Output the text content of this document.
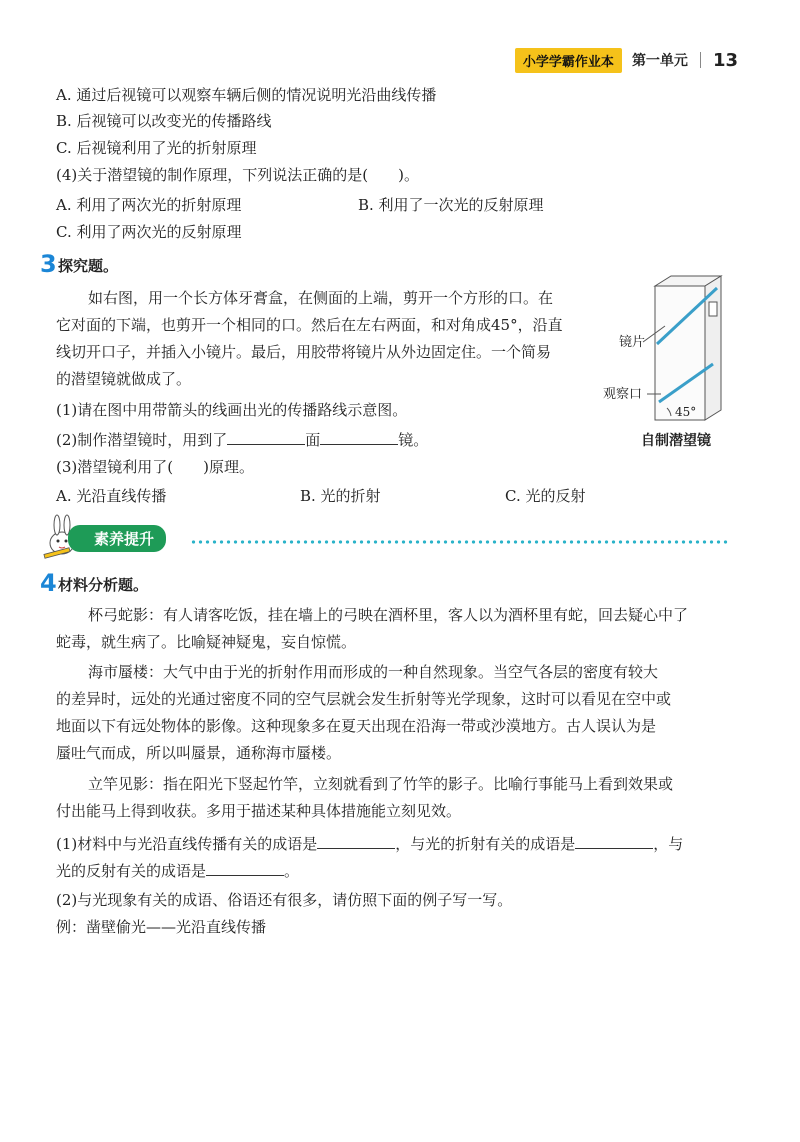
小学学霸作业本	第一单元 13
A. 通过后视镜可以观察车辆后侧的情况说明光沿曲线传播
B. 后视镜可以改变光的传播路线
C. 后视镜利用了光的折射原理
(4)关于潜望镜的制作原理，下列说法正确的是(　　)。
A. 利用了两次光的折射原理	B. 利用了一次光的反射原理
C. 利用了两次光的反射原理
3 探究题。
如右图，用一个长方体牙膏盒，在侧面的上端，剪开一个方形的口。在
它对面的下端，也剪开一个相同的口。然后在左右两面，和对角成45°，沿直
线切开口子，并插入小镜片。最后，用胶带将镜片从外边固定住。一个简易
的潜望镜就做成了。
(1)请在图中用带箭头的线画出光的传播路线示意图。
(2)制作潜望镜时，用到了	面	镜。
(3)潜望镜利用了(　　)原理。
A. 光沿直线传播	B. 光的折射	C. 光的反射
45°
镜片
观察口
自制潜望镜
素养提升
4 材料分析题。
杯弓蛇影：有人请客吃饭，挂在墙上的弓映在酒杯里，客人以为酒杯里有蛇，回去疑心中了
蛇毒，就生病了。比喻疑神疑鬼，妄自惊慌。
海市蜃楼：大气中由于光的折射作用而形成的一种自然现象。当空气各层的密度有较大
的差异时，远处的光通过密度不同的空气层就会发生折射等光学现象，这时可以看见在空中或
地面以下有远处物体的影像。这种现象多在夏天出现在沿海一带或沙漠地方。古人误认为是
蜃吐气而成，所以叫蜃景，通称海市蜃楼。
立竿见影：指在阳光下竖起竹竿，立刻就看到了竹竿的影子。比喻行事能马上看到效果或
付出能马上得到收获。多用于描述某种具体措施能立刻见效。
(1)材料中与光沿直线传播有关的成语是	，与光的折射有关的成语是	，与
光的反射有关的成语是	。
(2)与光现象有关的成语、俗语还有很多，请仿照下面的例子写一写。
例：凿壁偷光——光沿直线传播
